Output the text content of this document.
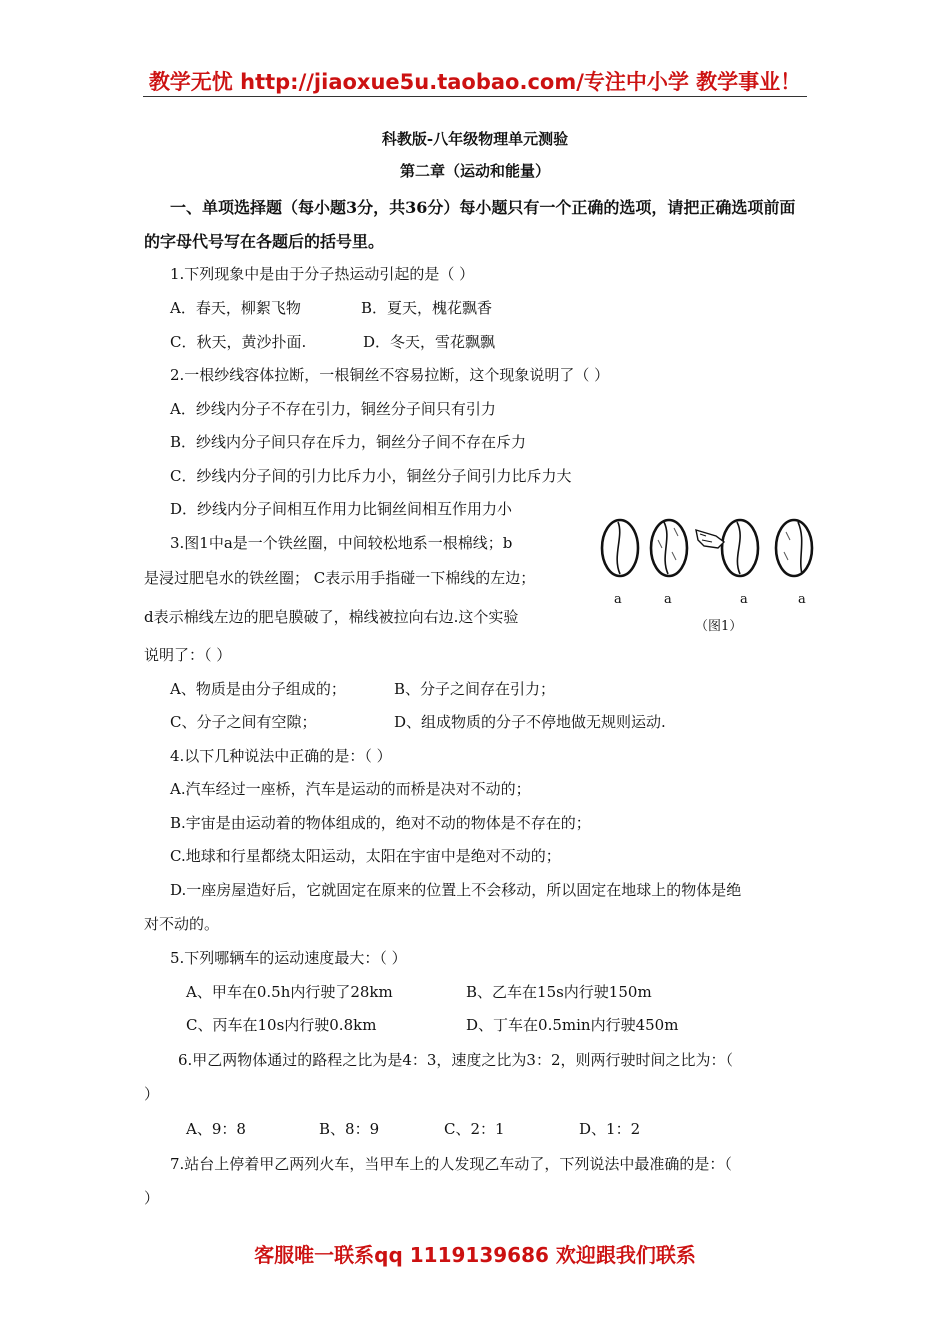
教学无忧 http://jiaoxue5u.taobao.com/专注中小学 教学事业！
科教版-八年级物理单元测验
第二章（运动和能量）
一、单项选择题（每小题3分，共36分）每小题只有一个正确的选项，请把正确选项前面
的字母代号写在各题后的括号里。
1.下列现象中是由于分子热运动引起的是（ ）
A．春天，柳絮飞物	B．夏天，槐花飘香
C．秋天，黄沙扑面.	D．冬天，雪花飘飘
2.一根纱线容体拉断，一根铜丝不容易拉断，这个现象说明了（ ）
A．纱线内分子不存在引力，铜丝分子间只有引力
B．纱线内分子间只存在斥力，铜丝分子间不存在斥力
C．纱线内分子间的引力比斥力小，铜丝分子间引力比斥力大
D．纱线内分子间相互作用力比铜丝间相互作用力小
3.图1中a是一个铁丝圈，中间较松地系一根棉线；b
是浸过肥皂水的铁丝圈； C表示用手指碰一下棉线的左边；
d表示棉线左边的肥皂膜破了，棉线被拉向右边.这个实验
说明了：（ ）
A、物质是由分子组成的；	B、分子之间存在引力；
C、分子之间有空隙；	D、组成物质的分子不停地做无规则运动.
a	a	a	a
（图1）
4.以下几种说法中正确的是：（ ）
A.汽车经过一座桥，汽车是运动的而桥是决对不动的；
B.宇宙是由运动着的物体组成的，绝对不动的物体是不存在的；
C.地球和行星都绕太阳运动，太阳在宇宙中是绝对不动的；
D.一座房屋造好后，它就固定在原来的位置上不会移动，所以固定在地球上的物体是绝
对不动的。
5.下列哪辆车的运动速度最大：（ ）
A、甲车在0.5h内行驶了28km	B、乙车在15s内行驶150m
C、丙车在10s内行驶0.8km	D、丁车在0.5min内行驶450m
6.甲乙两物体通过的路程之比为是4：3，速度之比为3：2，则两行驶时间之比为：（
）
A、9：8	B、8：9	C、2：1	D、1：2
7.站台上停着甲乙两列火车，当甲车上的人发现乙车动了，下列说法中最准确的是：（
）
客服唯一联系qq 1119139686 欢迎跟我们联系
